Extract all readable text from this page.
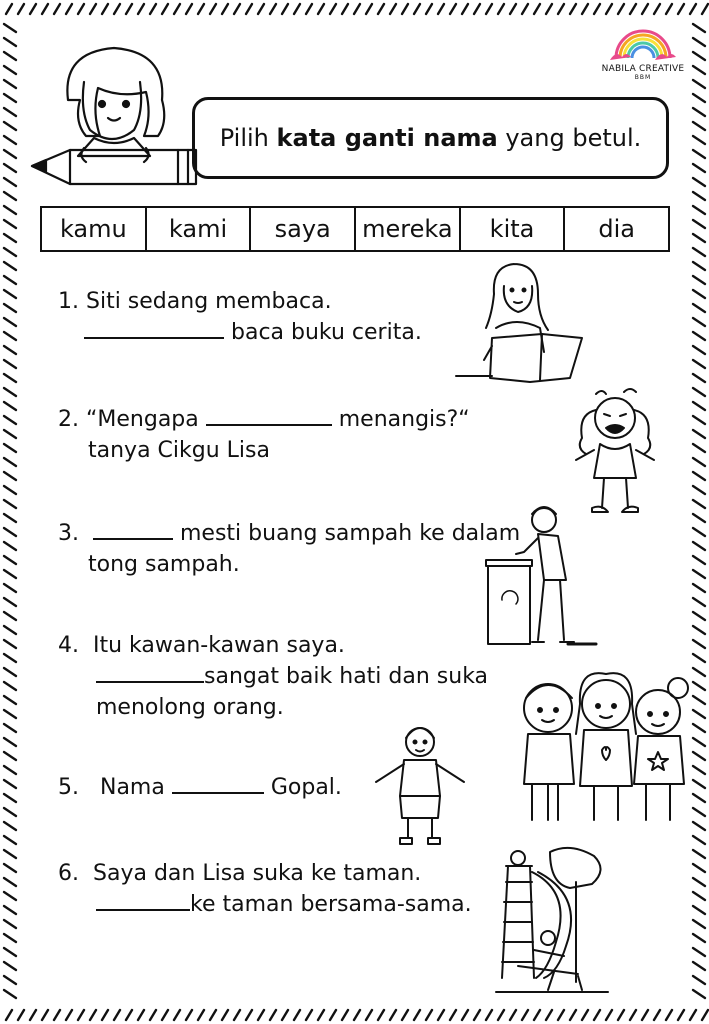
NABILA CREATIVE
BBM
Pilih kata ganti nama yang betul.
kamu	kami	saya	mereka	kita	dia
1. Siti sedang membaca.
baca buku cerita.
2. “Mengapa	menangis?“
tanya Cikgu Lisa
3.	mesti buang sampah ke dalam
tong sampah.
4. Itu kawan-kawan saya.
sangat baik hati dan suka
menolong orang.
5. Nama	Gopal.
6. Saya dan Lisa suka ke taman.
ke taman bersama-sama.
